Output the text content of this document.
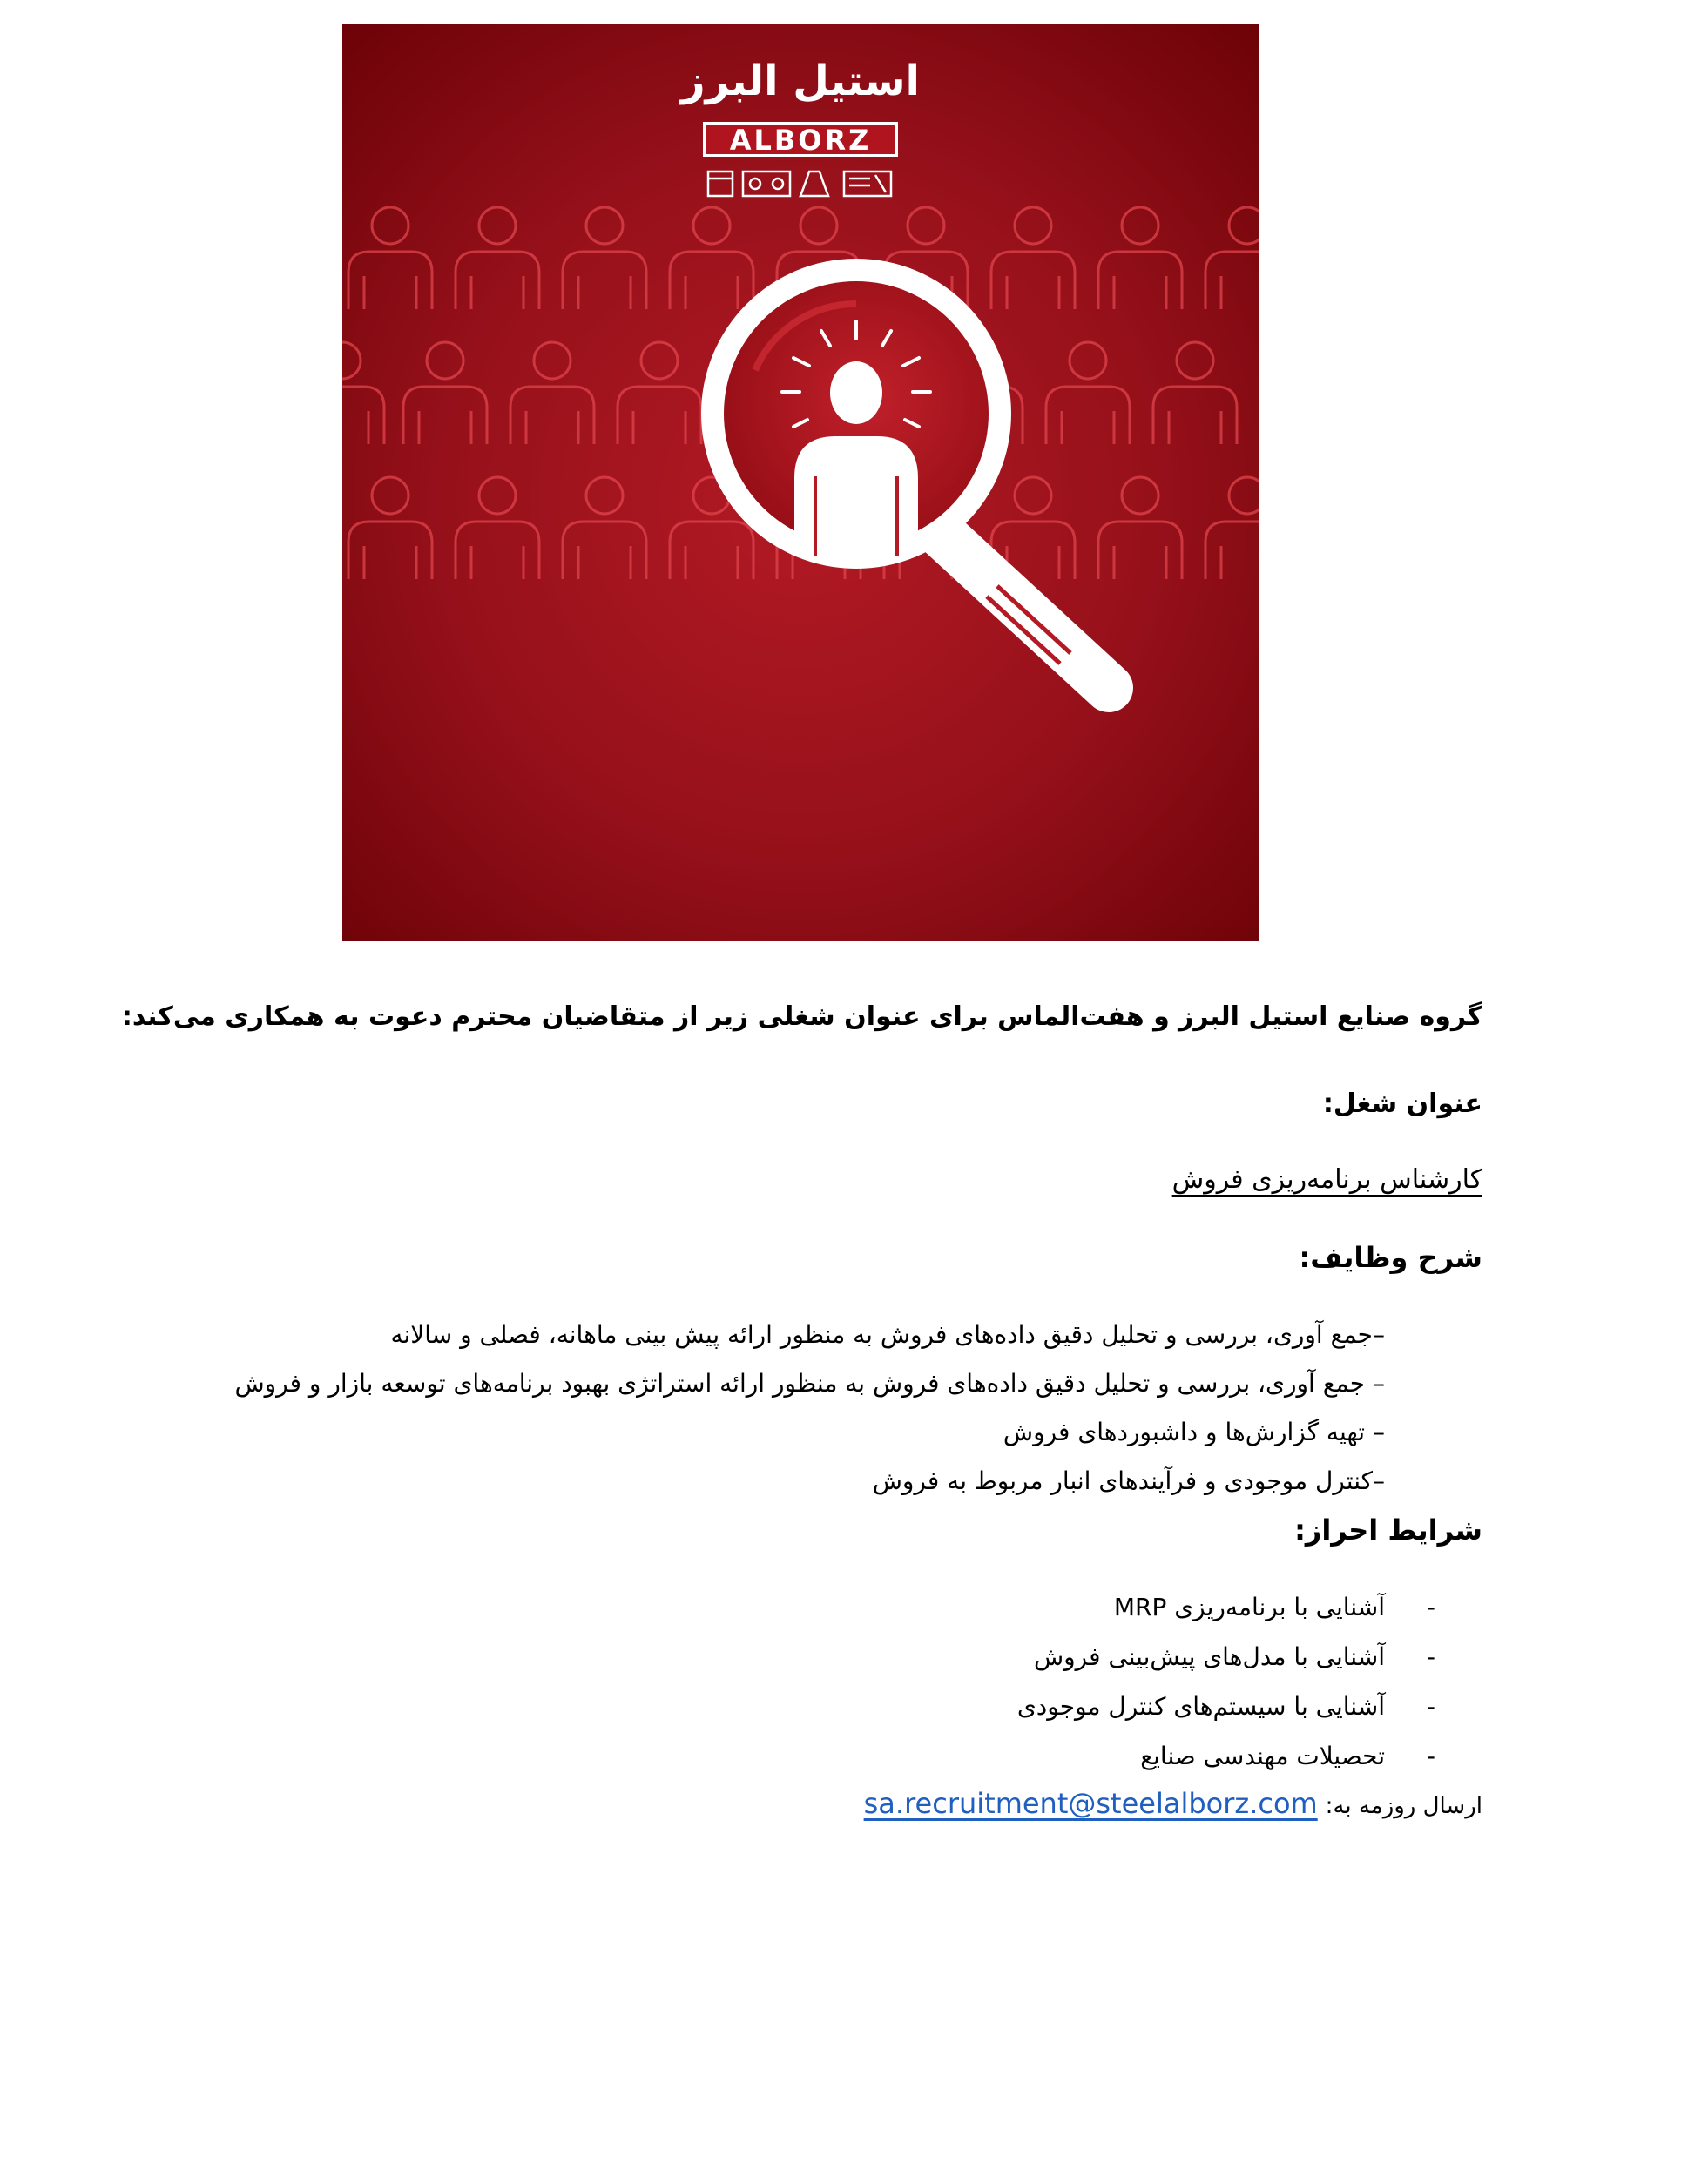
استیل البرز
ALBORZ
گروه صنایع استیل البرز و هفت‌الماس برای عنوان شغلی زیر از متقاضیان محترم دعوت به همکاری می‌کند:
عنوان شغل:
کارشناس برنامه‌ریزی فروش
شرح وظایف:
–جمع آوری، بررسی و تحلیل دقیق داده‌های فروش به منظور ارائه پیش بینی ماهانه، فصلی و سالانه
– جمع آوری، بررسی و تحلیل دقیق داده‌های فروش به منظور ارائه استراتژی بهبود برنامه‌های توسعه بازار و فروش
– تهیه گزارش‌ها و داشبوردهای فروش
–کنترل موجودی و فرآیندهای انبار مربوط به فروش
شرایط احراز:
-
آشنایی با برنامه‌ریزی MRP
-
آشنایی با مدل‌های پیش‌بینی فروش
-
آشنایی با سیستم‌های کنترل موجودی
-
تحصیلات مهندسی صنایع
ارسال روزمه به: sa.recruitment@steelalborz.com
